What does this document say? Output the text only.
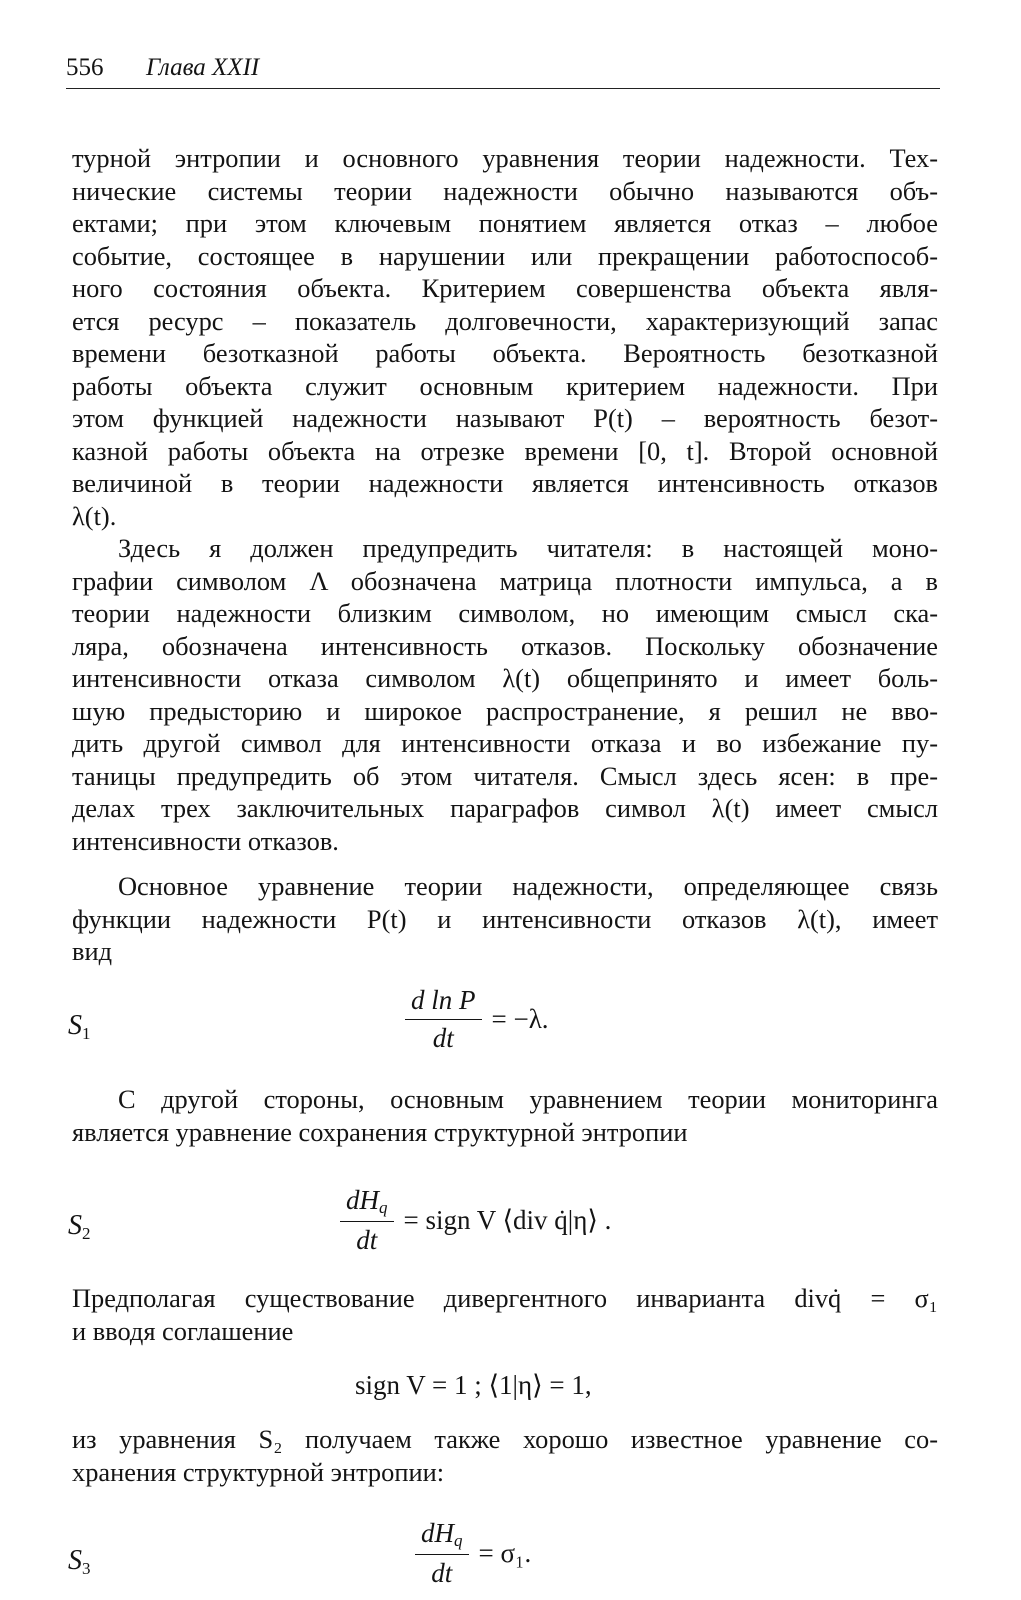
556 Глава XXII
турной энтропии и основного уравнения теории надежности. Тех-
нические системы теории надежности обычно называются объ-
ектами; при этом ключевым понятием является отказ – любое
событие, состоящее в нарушении или прекращении работоспособ-
ного состояния объекта. Критерием совершенства объекта явля-
ется ресурс – показатель долговечности, характеризующий запас
времени безотказной работы объекта. Вероятность безотказной
работы объекта служит основным критерием надежности. При
этом функцией надежности называют P(t) – вероятность безот-
казной работы объекта на отрезке времени [0, t]. Второй основной
величиной в теории надежности является интенсивность отказов
λ(t).
Здесь я должен предупредить читателя: в настоящей моно-
графии символом Λ обозначена матрица плотности импульса, а в
теории надежности близким символом, но имеющим смысл ска-
ляра, обозначена интенсивность отказов. Поскольку обозначение
интенсивности отказа символом λ(t) общепринято и имеет боль-
шую предысторию и широкое распространение, я решил не вво-
дить другой символ для интенсивности отказа и во избежание пу-
таницы предупредить об этом читателя. Смысл здесь ясен: в пре-
делах трех заключительных параграфов символ λ(t) имеет смысл
интенсивности отказов.
Основное уравнение теории надежности, определяющее связь
функции надежности P(t) и интенсивности отказов λ(t), имеет
вид
$S_1$	$\frac{\text{d ln P}}{dt} = -\lambda$.
С другой стороны, основным уравнением теории мониторинга
является уравнение сохранения структурной энтропии
$S_2$	$\frac{dH_q}{dt}$ = sign V ⟨div q̇|η⟩ .
Предполагая существование дивергентного инварианта divq̇ = σ₁
и вводя соглашение
sign V = 1 ; ⟨1|η⟩ = 1,
из уравнения S₂ получаем также хорошо известное уравнение со-
хранения структурной энтропии:
$S_3$	$\frac{dH_q}{dt} = \sigma_1$.
